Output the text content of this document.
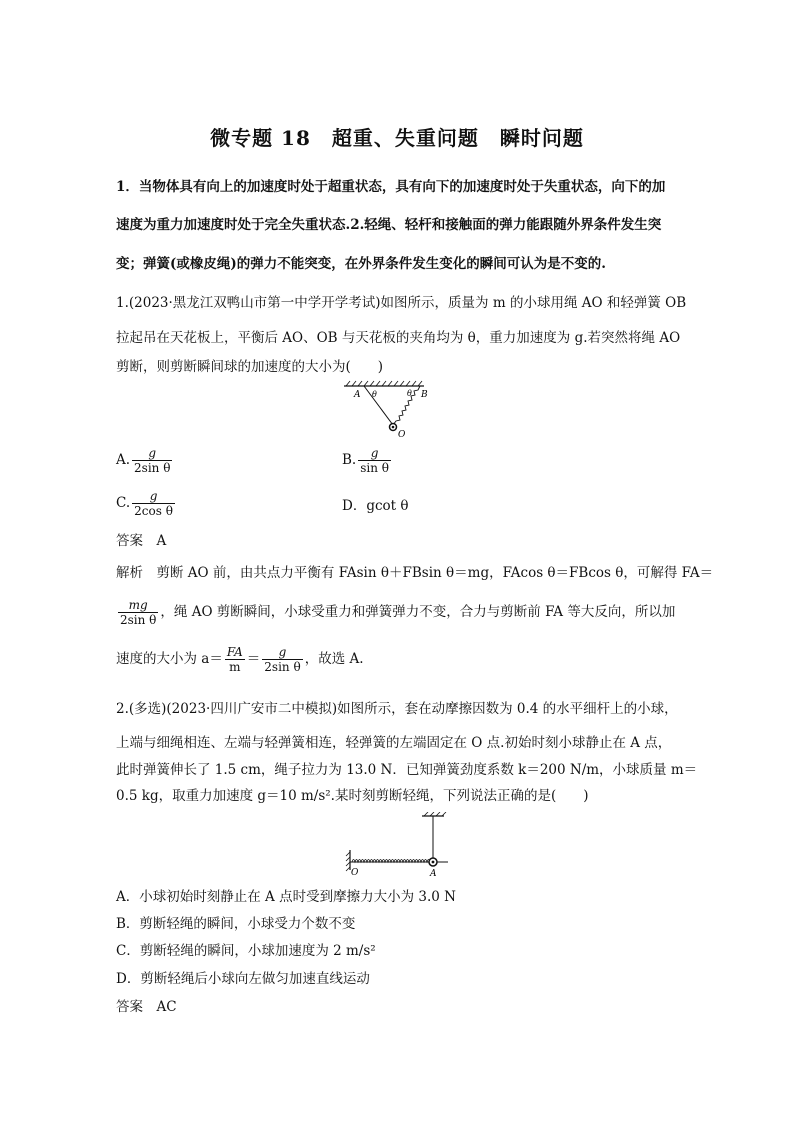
微专题 18　超重、失重问题　瞬时问题

1．当物体具有向上的加速度时处于超重状态，具有向下的加速度时处于失重状态，向下的加

速度为重力加速度时处于完全失重状态.2.轻绳、轻杆和接触面的弹力能跟随外界条件发生突

变；弹簧(或橡皮绳)的弹力不能突变，在外界条件发生变化的瞬间可认为是不变的.

1.(2023·黑龙江双鸭山市第一中学开学考试)如图所示，质量为 m 的小球用绳 AO 和轻弹簧 OB

拉起吊在天花板上，平衡后 AO、OB 与天花板的夹角均为 θ，重力加速度为 g.若突然将绳 AO

剪断，则剪断瞬间球的加速度的大小为(　　)

A θ	θ B
O
A. $\frac{g}{\text{2sin θ}}$	B. $\frac{g}{\text{sin θ}}$
C. $\frac{g}{\text{2cos θ}}$	D．gcot θ

答案　A

解析　剪断 AO 前，由共点力平衡有 FAsin θ＋FBsin θ＝mg，FAcos θ＝FBcos θ，可解得 FA＝

$\frac{mg}{\text{2sin θ}}$ ，绳 AO 剪断瞬间，小球受重力和弹簧弹力不变，合力与剪断前 FA 等大反向，所以加
速度的大小为 $a= \frac{FA}{m} = \frac{g}{\text{2sin θ}}$ ，故选 A.

2.(多选)(2023·四川广安市二中模拟)如图所示，套在动摩擦因数为 0.4 的水平细杆上的小球，

上端与细绳相连、左端与轻弹簧相连，轻弹簧的左端固定在 O 点.初始时刻小球静止在 A 点，

此时弹簧伸长了 1.5 cm，绳子拉力为 13.0 N．已知弹簧劲度系数 k＝200 N/m，小球质量 m＝

0.5 kg，取重力加速度 g＝10 m/s².某时刻剪断轻绳，下列说法正确的是(　　)

O	A

A．小球初始时刻静止在 A 点时受到摩擦力大小为 3.0 N

B．剪断轻绳的瞬间，小球受力个数不变

C．剪断轻绳的瞬间，小球加速度为 2 m/s²

D．剪断轻绳后小球向左做匀加速直线运动

答案　AC
